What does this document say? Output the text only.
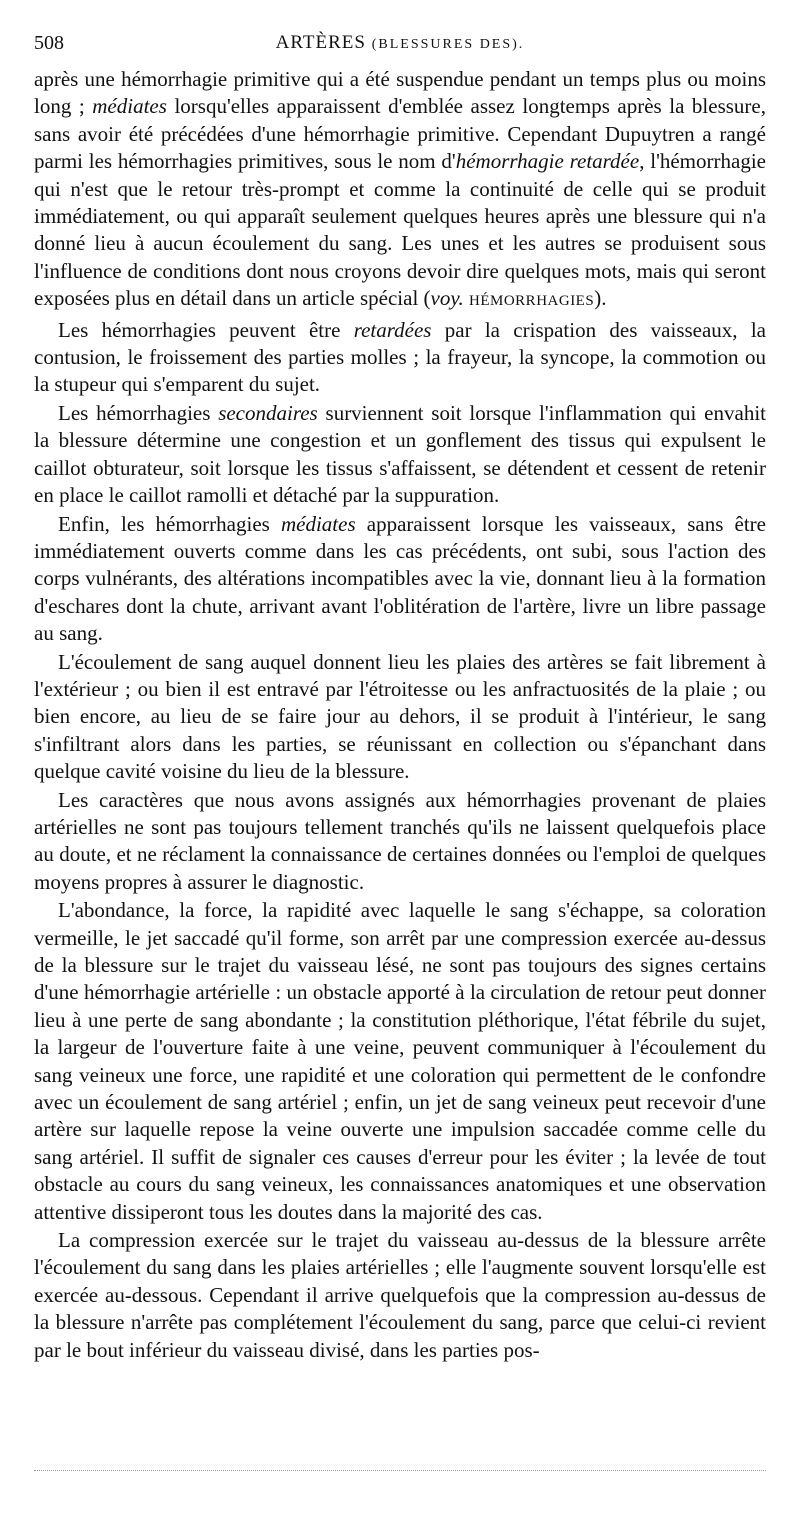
508	ARTÈRES (BLESSURES DES).

après une hémorrhagie primitive qui a été suspendue pendant un temps plus ou moins long ; médiates lorsqu'elles apparaissent d'emblée assez longtemps après la blessure, sans avoir été précédées d'une hémorrhagie primitive. Cependant Dupuytren a rangé parmi les hémorrhagies primitives, sous le nom d'hémorrhagie retardée, l'hémorrhagie qui n'est que le retour très-prompt et comme la continuité de celle qui se produit immédiatement, ou qui apparaît seulement quelques heures après une blessure qui n'a donné lieu à aucun écoulement du sang. Les unes et les autres se produisent sous l'influence de conditions dont nous croyons devoir dire quelques mots, mais qui seront exposées plus en détail dans un article spécial (voy. HÉMORRHAGIES).

Les hémorrhagies peuvent être retardées par la crispation des vaisseaux, la contusion, le froissement des parties molles ; la frayeur, la syncope, la commotion ou la stupeur qui s'emparent du sujet.

Les hémorrhagies secondaires surviennent soit lorsque l'inflammation qui envahit la blessure détermine une congestion et un gonflement des tissus qui expulsent le caillot obturateur, soit lorsque les tissus s'affaissent, se détendent et cessent de retenir en place le caillot ramolli et détaché par la suppuration.

Enfin, les hémorrhagies médiates apparaissent lorsque les vaisseaux, sans être immédiatement ouverts comme dans les cas précédents, ont subi, sous l'action des corps vulnérants, des altérations incompatibles avec la vie, donnant lieu à la formation d'eschares dont la chute, arrivant avant l'oblitération de l'artère, livre un libre passage au sang.

L'écoulement de sang auquel donnent lieu les plaies des artères se fait librement à l'extérieur ; ou bien il est entravé par l'étroitesse ou les anfractuosités de la plaie ; ou bien encore, au lieu de se faire jour au dehors, il se produit à l'intérieur, le sang s'infiltrant alors dans les parties, se réunissant en collection ou s'épanchant dans quelque cavité voisine du lieu de la blessure.

Les caractères que nous avons assignés aux hémorrhagies provenant de plaies artérielles ne sont pas toujours tellement tranchés qu'ils ne laissent quelquefois place au doute, et ne réclament la connaissance de certaines données ou l'emploi de quelques moyens propres à assurer le diagnostic.

L'abondance, la force, la rapidité avec laquelle le sang s'échappe, sa coloration vermeille, le jet saccadé qu'il forme, son arrêt par une compression exercée au-dessus de la blessure sur le trajet du vaisseau lésé, ne sont pas toujours des signes certains d'une hémorrhagie artérielle : un obstacle apporté à la circulation de retour peut donner lieu à une perte de sang abondante ; la constitution pléthorique, l'état fébrile du sujet, la largeur de l'ouverture faite à une veine, peuvent communiquer à l'écoulement du sang veineux une force, une rapidité et une coloration qui permettent de le confondre avec un écoulement de sang artériel ; enfin, un jet de sang veineux peut recevoir d'une artère sur laquelle repose la veine ouverte une impulsion saccadée comme celle du sang artériel. Il suffit de signaler ces causes d'erreur pour les éviter ; la levée de tout obstacle au cours du sang veineux, les connaissances anatomiques et une observation attentive dissiperont tous les doutes dans la majorité des cas.

La compression exercée sur le trajet du vaisseau au-dessus de la blessure arrête l'écoulement du sang dans les plaies artérielles ; elle l'augmente souvent lorsqu'elle est exercée au-dessous. Cependant il arrive quelquefois que la compression au-dessus de la blessure n'arrête pas complétement l'écoulement du sang, parce que celui-ci revient par le bout inférieur du vaisseau divisé, dans les parties pos-
